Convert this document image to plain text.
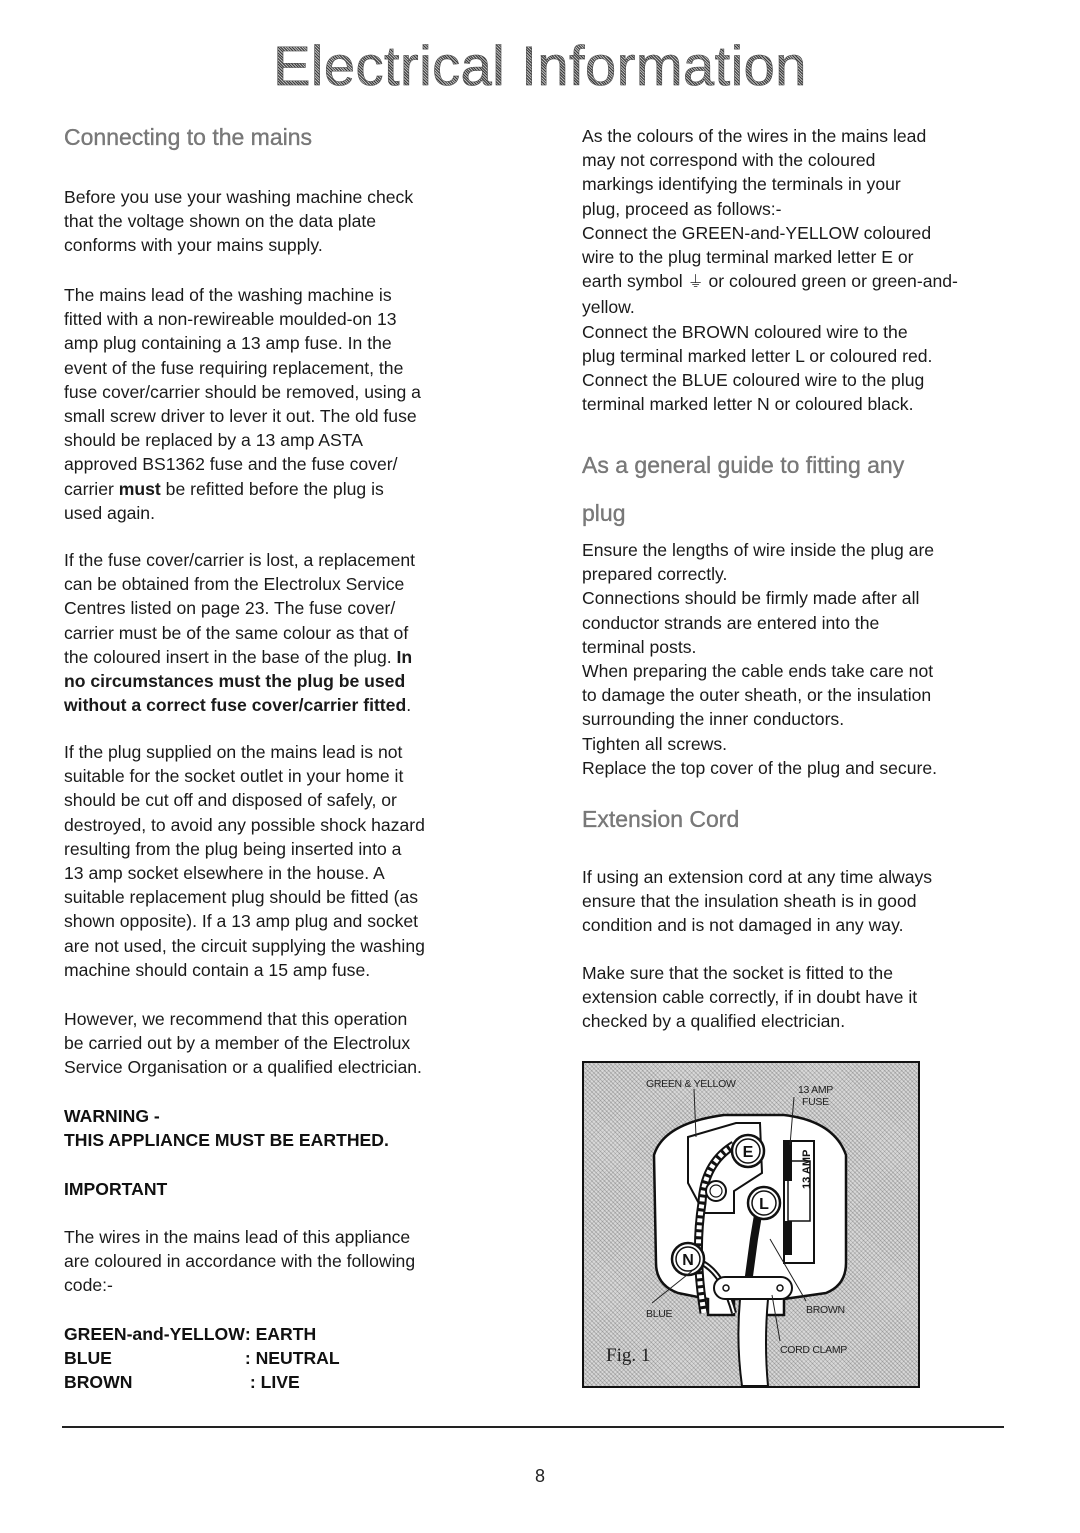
Electrical Information
Connecting to the mains

Before you use your washing machine check
that the voltage shown on the data plate
conforms with your mains supply.

The mains lead of the washing machine is
fitted with a non-rewireable moulded-on 13
amp plug containing a 13 amp fuse. In the
event of the fuse requiring replacement, the
fuse cover/carrier should be removed, using a
small screw driver to lever it out. The old fuse
should be replaced by a 13 amp ASTA
approved BS1362 fuse and the fuse cover/
carrier must be refitted before the plug is
used again.

If the fuse cover/carrier is lost, a replacement
can be obtained from the Electrolux Service
Centres listed on page 23. The fuse cover/
carrier must be of the same colour as that of
the coloured insert in the base of the plug. In
no circumstances must the plug be used
without a correct fuse cover/carrier fitted.

If the plug supplied on the mains lead is not
suitable for the socket outlet in your home it
should be cut off and disposed of safely, or
destroyed, to avoid any possible shock hazard
resulting from the plug being inserted into a
13 amp socket elsewhere in the house. A
suitable replacement plug should be fitted (as
shown opposite). If a 13 amp plug and socket
are not used, the circuit supplying the washing
machine should contain a 15 amp fuse.

However, we recommend that this operation
be carried out by a member of the Electrolux
Service Organisation or a qualified electrician.

WARNING -
THIS APPLIANCE MUST BE EARTHED.

IMPORTANT

The wires in the mains lead of this appliance
are coloured in accordance with the following
code:-

GREEN-and-YELLOW	: EARTH
BLUE	: NEUTRAL
BROWN	: LIVE

As the colours of the wires in the mains lead
may not correspond with the coloured
markings identifying the terminals in your
plug, proceed as follows:-
Connect the GREEN-and-YELLOW coloured
wire to the plug terminal marked letter E or
earth symbol ⏚ or coloured green or green-and-
yellow.
Connect the BROWN coloured wire to the
plug terminal marked letter L or coloured red.
Connect the BLUE coloured wire to the plug
terminal marked letter N or coloured black.

As a general guide to fitting any
plug

Ensure the lengths of wire inside the plug are
prepared correctly.
Connections should be firmly made after all
conductor strands are entered into the
terminal posts.
When preparing the cable ends take care not
to damage the outer sheath, or the insulation
surrounding the inner conductors.
Tighten all screws.
Replace the top cover of the plug and secure.

Extension Cord

If using an extension cord at any time always
ensure that the insulation sheath is in good
condition and is not damaged in any way.

Make sure that the socket is fitted to the
extension cable correctly, if in doubt have it
checked by a qualified electrician.

13 AMP
E
L
N
GREEN & YELLOW	13 AMP
FUSE
BLUE	BROWN
CORD CLAMP
Fig. 1
8
